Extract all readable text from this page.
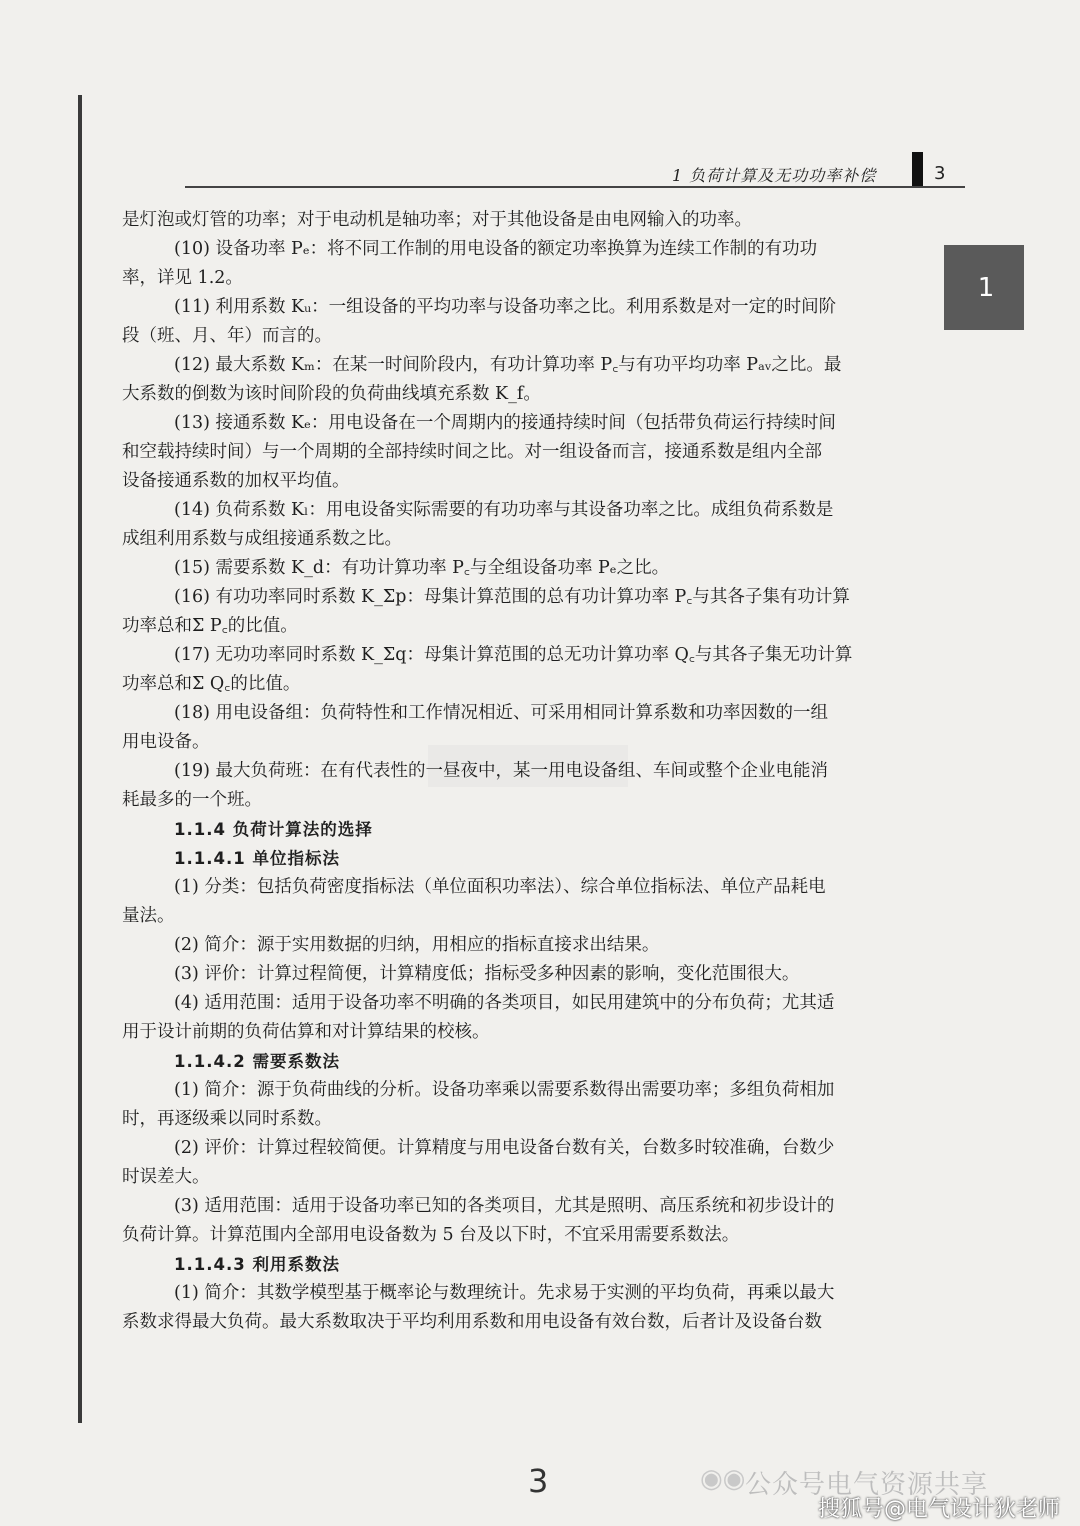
1 负荷计算及无功功率补偿	3
1

是灯泡或灯管的功率；对于电动机是轴功率；对于其他设备是由电网输入的功率。

(10) 设备功率 Pₑ：将不同工作制的用电设备的额定功率换算为连续工作制的有功功

率，详见 1.2。

(11) 利用系数 Kᵤ：一组设备的平均功率与设备功率之比。利用系数是对一定的时间阶

段（班、月、年）而言的。

(12) 最大系数 Kₘ：在某一时间阶段内，有功计算功率 P꜀与有功平均功率 Pₐᵥ之比。最

大系数的倒数为该时间阶段的负荷曲线填充系数 K_f。

(13) 接通系数 Kₑ：用电设备在一个周期内的接通持续时间（包括带负荷运行持续时间

和空载持续时间）与一个周期的全部持续时间之比。对一组设备而言，接通系数是组内全部

设备接通系数的加权平均值。

(14) 负荷系数 Kₗ：用电设备实际需要的有功功率与其设备功率之比。成组负荷系数是

成组利用系数与成组接通系数之比。

(15) 需要系数 K_d：有功计算功率 P꜀与全组设备功率 Pₑ之比。

(16) 有功功率同时系数 K_Σp：母集计算范围的总有功计算功率 P꜀与其各子集有功计算

功率总和Σ P꜀的比值。

(17) 无功功率同时系数 K_Σq：母集计算范围的总无功计算功率 Q꜀与其各子集无功计算

功率总和Σ Q꜀的比值。

(18) 用电设备组：负荷特性和工作情况相近、可采用相同计算系数和功率因数的一组

用电设备。

(19) 最大负荷班：在有代表性的一昼夜中，某一用电设备组、车间或整个企业电能消

耗最多的一个班。

1.1.4 负荷计算法的选择

1.1.4.1 单位指标法

(1) 分类：包括负荷密度指标法（单位面积功率法）、综合单位指标法、单位产品耗电

量法。

(2) 简介：源于实用数据的归纳，用相应的指标直接求出结果。

(3) 评价：计算过程简便，计算精度低；指标受多种因素的影响，变化范围很大。

(4) 适用范围：适用于设备功率不明确的各类项目，如民用建筑中的分布负荷；尤其适

用于设计前期的负荷估算和对计算结果的校核。

1.1.4.2 需要系数法

(1) 简介：源于负荷曲线的分析。设备功率乘以需要系数得出需要功率；多组负荷相加

时，再逐级乘以同时系数。

(2) 评价：计算过程较简便。计算精度与用电设备台数有关，台数多时较准确，台数少

时误差大。

(3) 适用范围：适用于设备功率已知的各类项目，尤其是照明、高压系统和初步设计的

负荷计算。计算范围内全部用电设备数为 5 台及以下时，不宜采用需要系数法。

1.1.4.3 利用系数法

(1) 简介：其数学模型基于概率论与数理统计。先求易于实测的平均负荷，再乘以最大

系数求得最大负荷。最大系数取决于平均利用系数和用电设备有效台数，后者计及设备台数

3	◉◉ 公众号电气资源共享
搜狐号@电气设计狄老师
